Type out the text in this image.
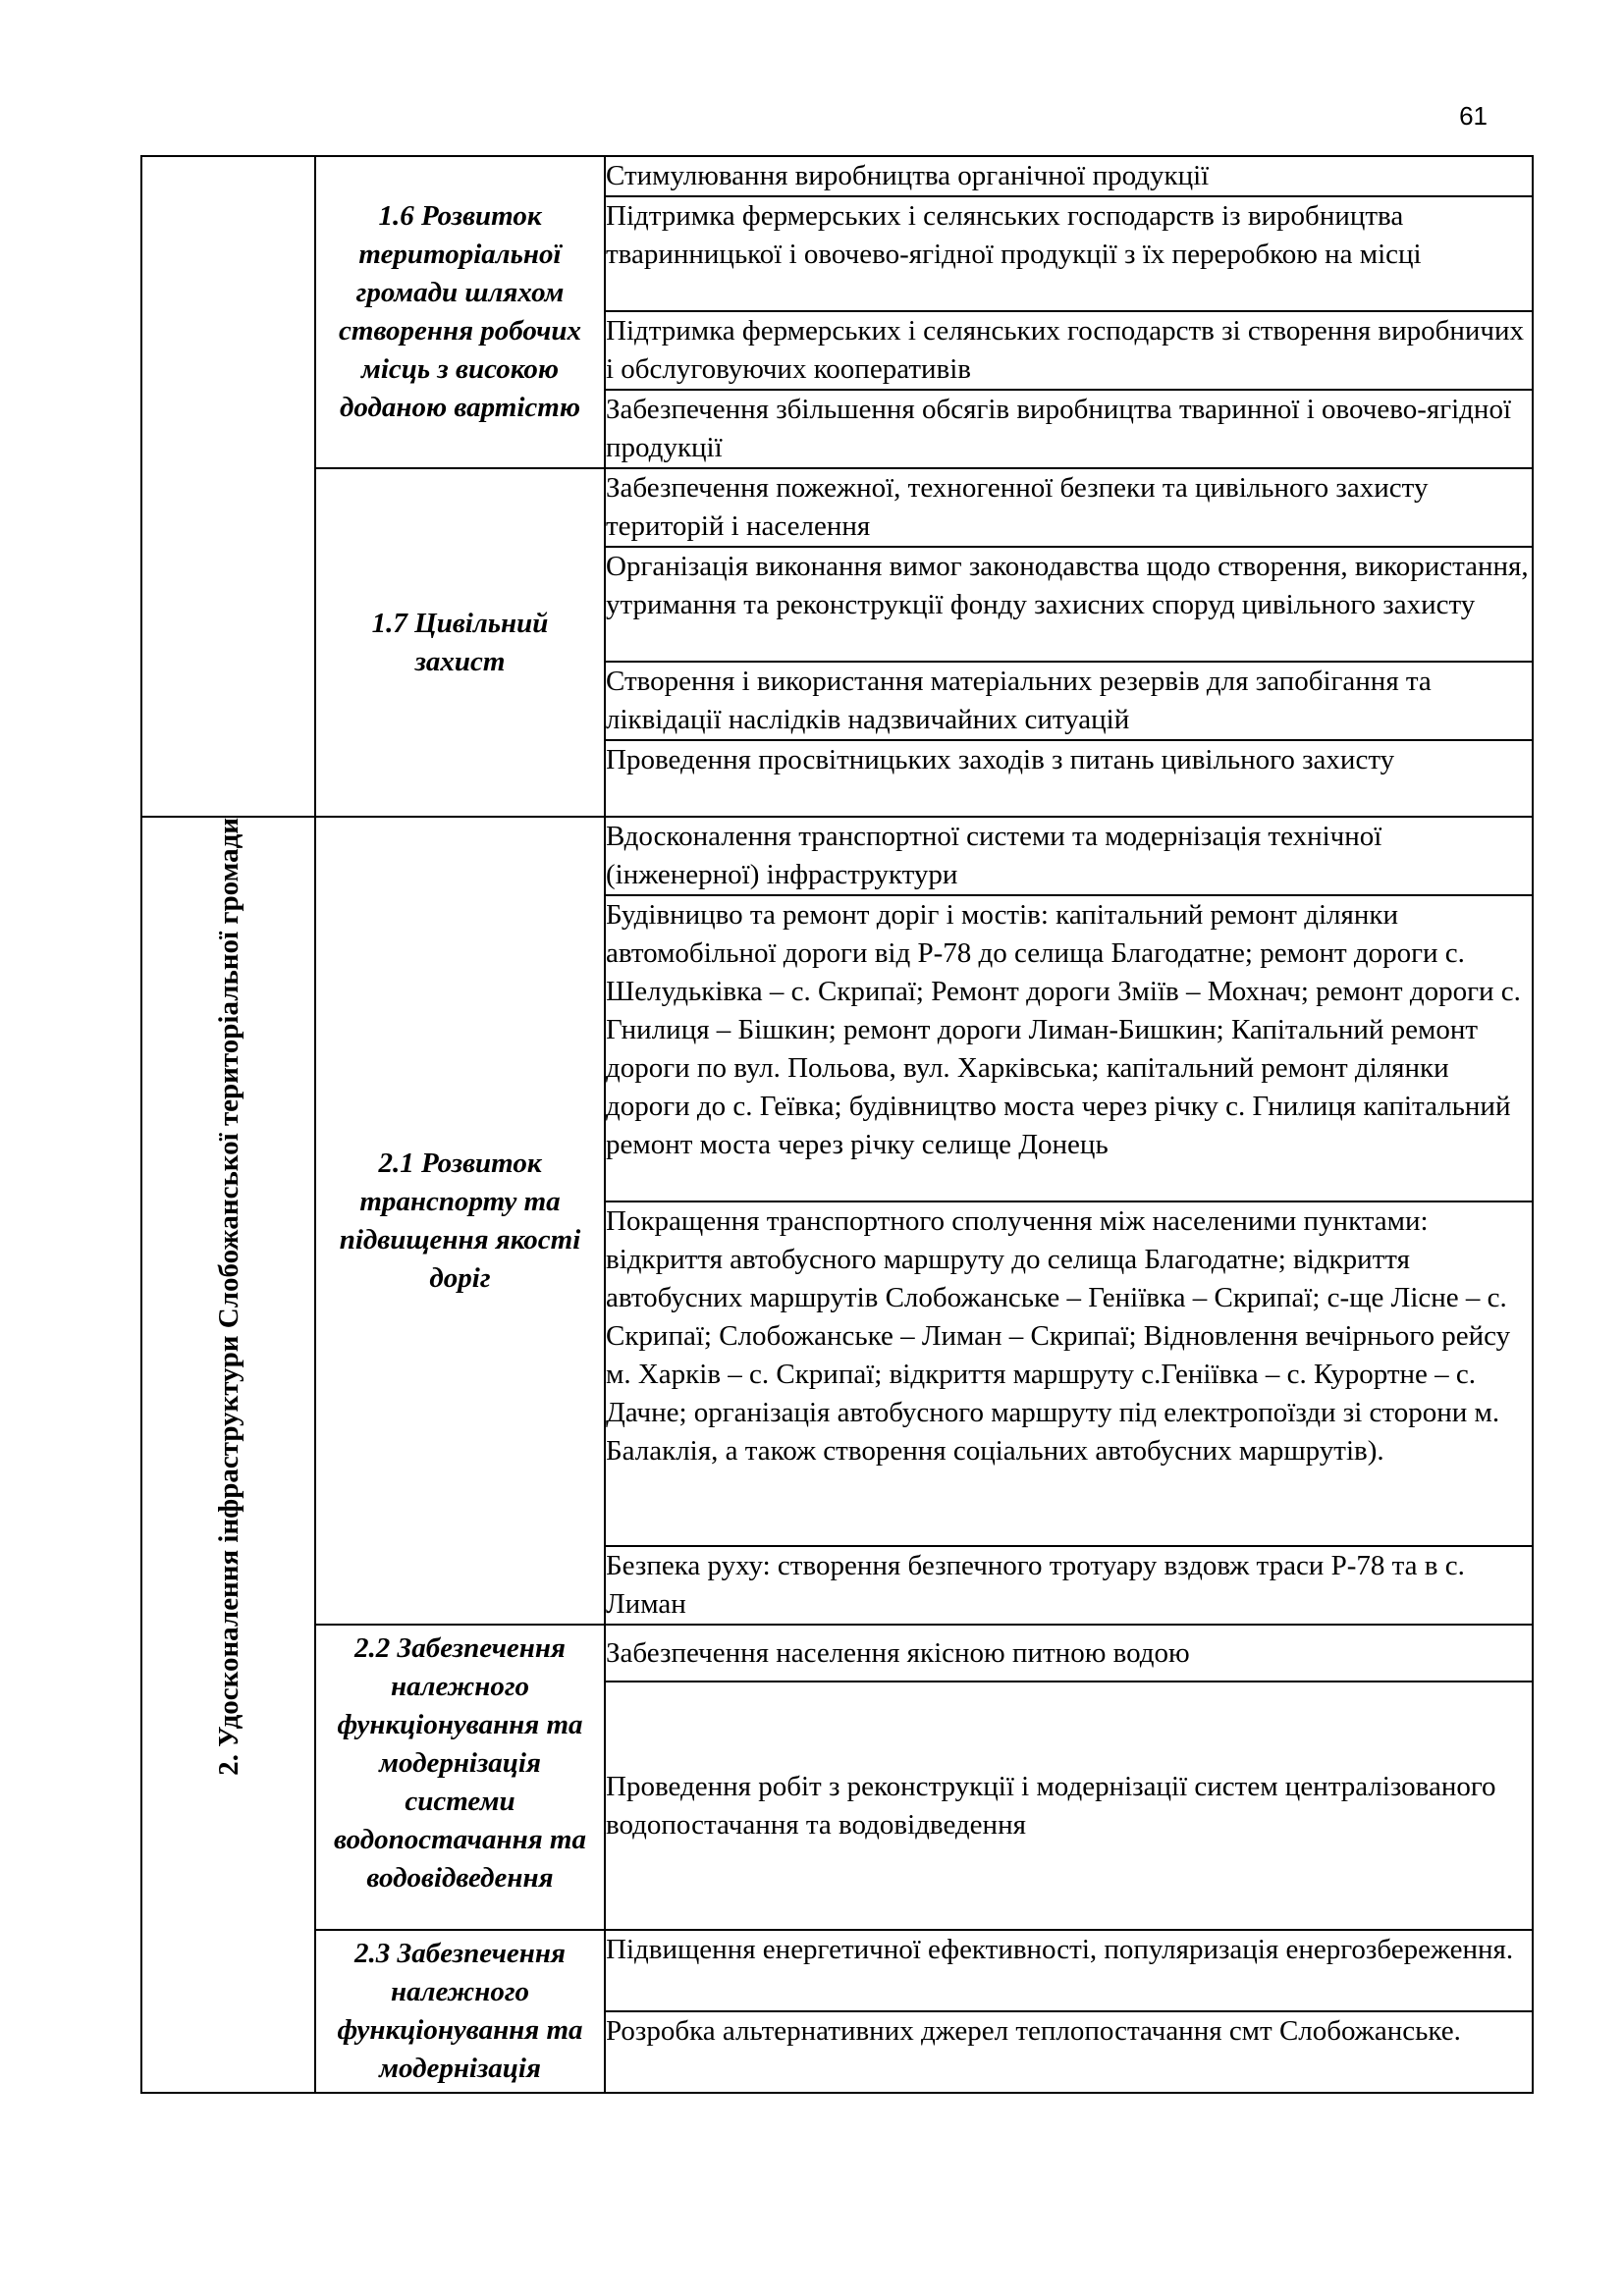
61

	1.6 Розвиток територіальної громади шляхом створення робочих місць з високою доданою вартістю	Стимулювання виробництва органічної продукції

		Підтримка фермерських і селянських господарств із виробництва тваринницької і овочево-ягідної продукції з їх переробкою на місці

		Підтримка фермерських і селянських господарств зі створення виробничих і обслуговуючих кооперативів

		Забезпечення збільшення обсягів виробництва тваринної і овочево-ягідної продукції

	1.7 Цивільний захист	Забезпечення пожежної, техногенної безпеки та цивільного захисту територій і населення

		Організація виконання вимог законодавства щодо створення, використання, утримання та реконструкції фонду захисних споруд цивільного захисту

		Створення і використання матеріальних резервів для запобігання та ліквідації наслідків надзвичайних ситуацій

		Проведення просвітницьких заходів з питань цивільного захисту

2. Удосконалення інфраструктури Слобожанської територіальної громади	2.1 Розвиток транспорту та підвищення якості доріг	Вдосконалення транспортної системи та модернізація технічної (інженерної) інфраструктури

		Будівницво та ремонт доріг і мостів: капітальний ремонт ділянки автомобільної дороги від Р-78 до селища Благодатне; ремонт дороги с. Шелудьківка – с. Скрипаї; Ремонт дороги Зміїв – Мохнач; ремонт дороги с. Гнилиця – Бішкин; ремонт дороги Лиман-Бишкин; Капітальний ремонт дороги по вул. Польова, вул. Харківська; капітальний ремонт ділянки дороги до с. Геївка; будівництво моста через річку с. Гнилиця капітальний ремонт моста через річку селище Донець

		Покращення транспортного сполучення між населеними пунктами: відкриття автобусного маршруту до селища Благодатне; відкриття автобусних маршрутів Слобожанське – Геніївка – Скрипаї; с-ще Лісне – с. Скрипаї; Слобожанське – Лиман – Скрипаї; Відновлення вечірнього рейсу м. Харків – с. Скрипаї; відкриття маршруту с.Геніївка – с. Курортне – с. Дачне; організація автобусного маршруту під електропоїзди зі сторони м. Балаклія, а також створення соціальних автобусних маршрутів).

		Безпека руху: створення безпечного тротуару вздовж траси Р-78 та в с. Лиман

	2.2 Забезпечення належного функціонування та модернізація системи водопостачання та водовідведення	Забезпечення населення якісною питною водою

		Проведення робіт з реконструкції і модернізації систем централізованого водопостачання та водовідведення

	2.3 Забезпечення належного функціонування та модернізація	Підвищення енергетичної ефективності, популяризація енергозбереження.

		Розробка альтернативних джерел теплопостачання смт Слобожанське.
